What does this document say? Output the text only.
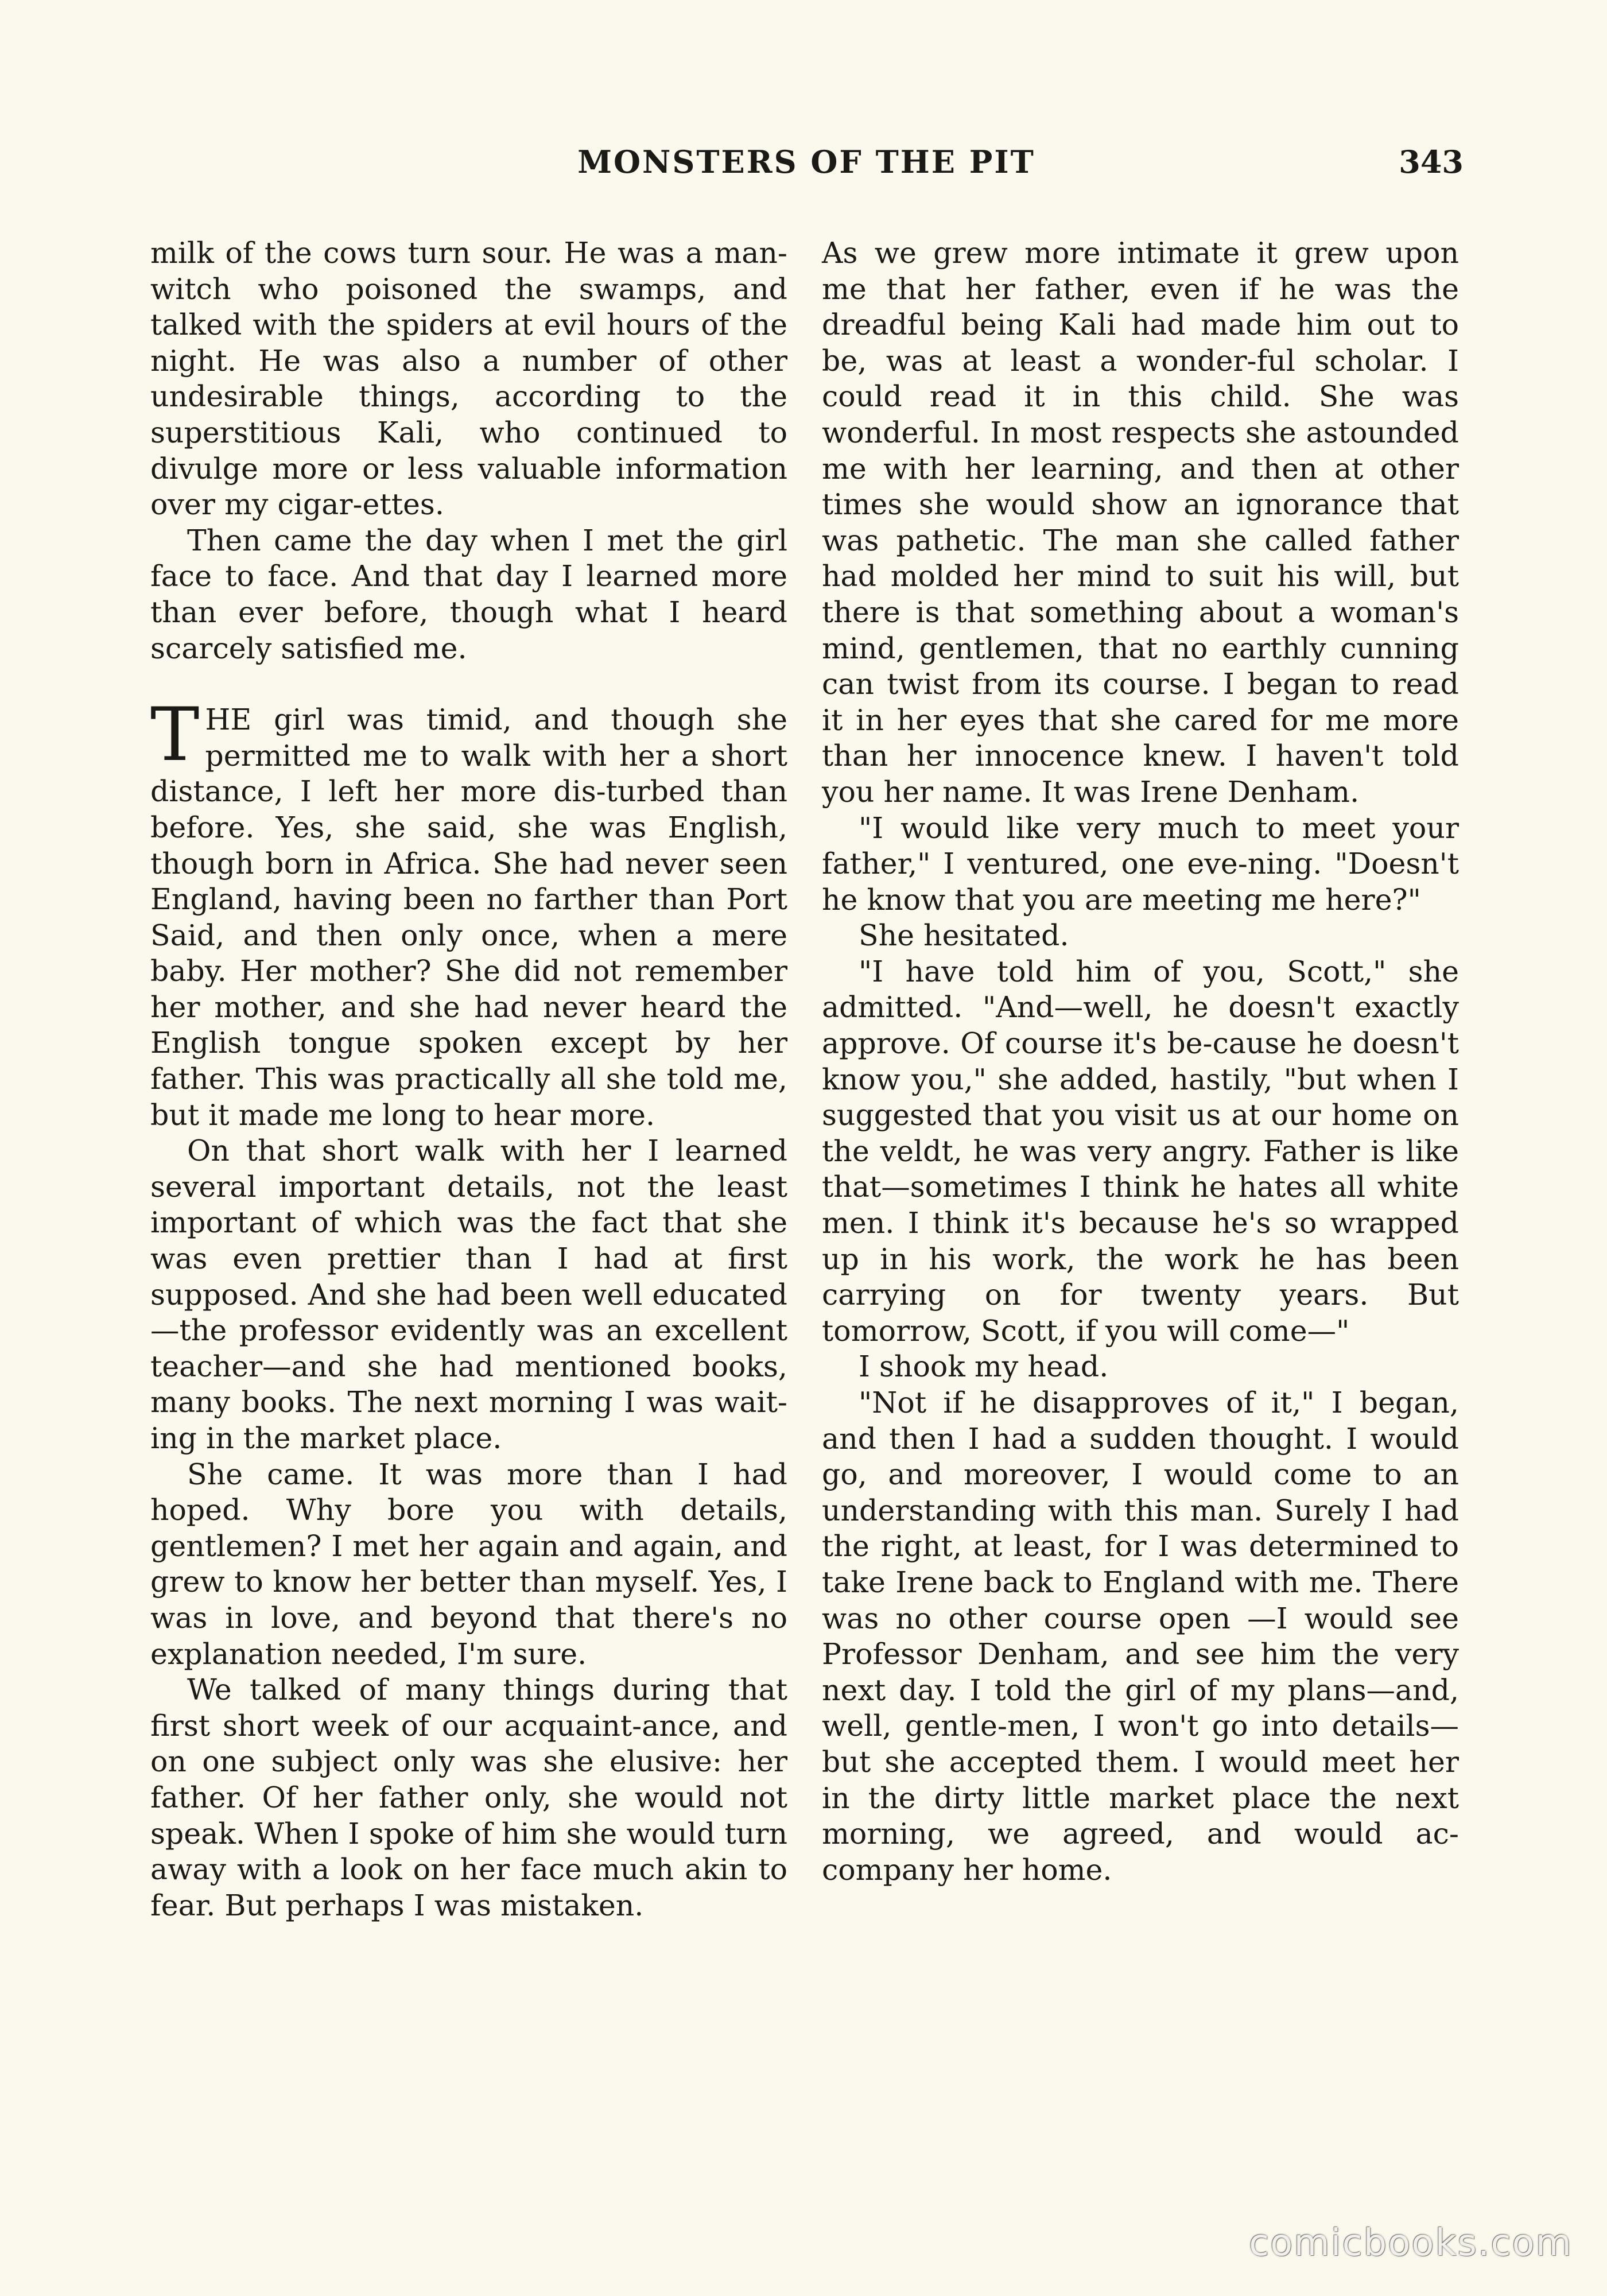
MONSTERS OF THE PIT	343

milk of the cows turn sour. He was a man-witch who poisoned the swamps, and talked with the spiders at evil hours of the night. He was also a number of other undesirable things, according to the superstitious Kali, who continued to divulge more or less valuable information over my cigar-ettes.

Then came the day when I met the girl face to face. And that day I learned more than ever before, though what I heard scarcely satisfied me.

THE girl was timid, and though she permitted me to walk with her a short distance, I left her more dis-turbed than before. Yes, she said, she was English, though born in Africa. She had never seen England, having been no farther than Port Said, and then only once, when a mere baby. Her mother? She did not remember her mother, and she had never heard the English tongue spoken except by her father. This was practically all she told me, but it made me long to hear more.

On that short walk with her I learned several important details, not the least important of which was the fact that she was even prettier than I had at first supposed. And she had been well educated—the professor evidently was an excellent teacher—and she had mentioned books, many books. The next morning I was wait-ing in the market place.

She came. It was more than I had hoped. Why bore you with details, gentlemen? I met her again and again, and grew to know her better than myself. Yes, I was in love, and beyond that there's no explanation needed, I'm sure.

We talked of many things during that first short week of our acquaint-ance, and on one subject only was she elusive: her father. Of her father only, she would not speak. When I spoke of him she would turn away with a look on her face much akin to fear. But perhaps I was mistaken.

As we grew more intimate it grew upon me that her father, even if he was the dreadful being Kali had made him out to be, was at least a wonder-ful scholar. I could read it in this child. She was wonderful. In most respects she astounded me with her learning, and then at other times she would show an ignorance that was pathetic. The man she called father had molded her mind to suit his will, but there is that something about a woman's mind, gentlemen, that no earthly cunning can twist from its course. I began to read it in her eyes that she cared for me more than her innocence knew. I haven't told you her name. It was Irene Denham.

"I would like very much to meet your father," I ventured, one eve-ning. "Doesn't he know that you are meeting me here?"

She hesitated.

"I have told him of you, Scott," she admitted. "And—well, he doesn't exactly approve. Of course it's be-cause he doesn't know you," she added, hastily, "but when I suggested that you visit us at our home on the veldt, he was very angry. Father is like that—sometimes I think he hates all white men. I think it's because he's so wrapped up in his work, the work he has been carrying on for twenty years. But tomorrow, Scott, if you will come—"

I shook my head.

"Not if he disapproves of it," I began, and then I had a sudden thought. I would go, and moreover, I would come to an understanding with this man. Surely I had the right, at least, for I was determined to take Irene back to England with me. There was no other course open —I would see Professor Denham, and see him the very next day. I told the girl of my plans—and, well, gentle-men, I won't go into details—but she accepted them. I would meet her in the dirty little market place the next morning, we agreed, and would ac-company her home.

comicbooks.com
